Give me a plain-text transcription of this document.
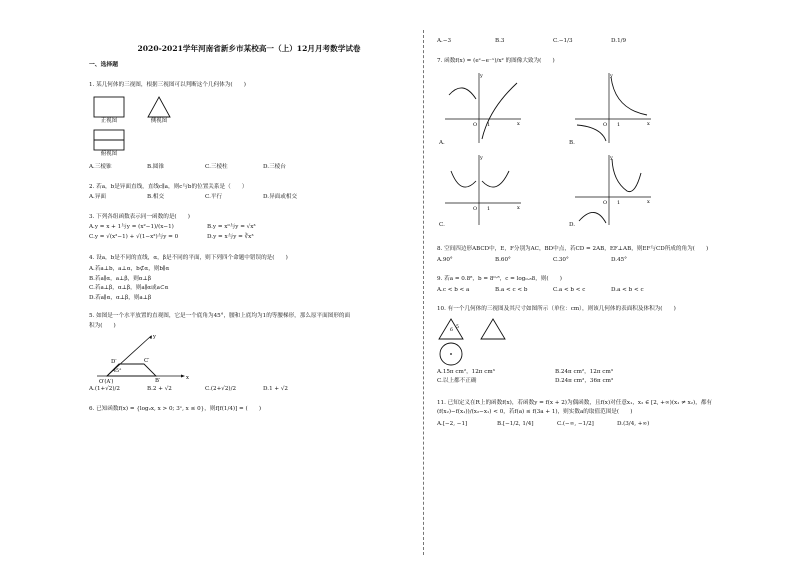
2020-2021学年河南省新乡市某校高一（上）12月月考数学试卷
一、选择题
1. 某几何体的三视图，根据三视图可以判断这个几何体为(　　)
正视图	侧视图
俯视图
A.三棱锥	B.圆锥	C.三棱柱	D.三棱台
2. 若a，b是异面直线，直线c∥a，则c与b的位置关系是（　　）
A.异面	B.相交	C.平行	D.异面或相交
3. 下列各组函数表示同一函数的是(　　)
A.y = x + 1与y = (x²−1)/(x−1)	B.y = x⁰与y = √x³
C.y = √(x²−1) + √(1−x²)与y = 0	D.y = x与y = ∛x³
4. 设a，b是不同的直线，α，β是不同的平面，则下列四个命题中错误的是(　　)
A.若a⊥b，a⊥α，b⊄α，则b∥α
B.若a∥α，a⊥β，则α⊥β
C.若a⊥β，α⊥β，则a∥α或a⊂α
D.若a∥α，α⊥β，则a⊥β
5. 如图是一个水平放置的直观图，它是一个底角为45°，腰和上底均为1的等腰梯形，那么原平面图形的面
积为(　　)
D′	C′
O′(A′)	B′
45°
x
y
A.(1+√2)/2	B.2 + √2	C.(2+√2)/2	D.1 + √2
6. 已知函数f(x) = {log₂x, x > 0; 3ˣ, x ≤ 0}，则f[f(1/4)] = (　　)
A.−3	B.3	C.−1/3	D.1/9
7. 函数f(x) = (eˣ−e⁻ˣ)/x² 的图像大致为(　　)
y
x
O 1
A.
y
x
O 1
B.
y
x
O 1
C.
y
x
O 1
D.
8. 空间四边形ABCD中，E，F分别为AC，BD中点，若CD = 2AB，EF⊥AB，则EF与CD所成的角为(　　)
A.90°	B.60°	C.30°	D.45°
9. 若a = 0.8⁸，b = 8⁰·⁸，c = log₀.₈8，则(　　)
A.c < b < a	B.a < c < b	C.a < b < c	D.a < b < c
10. 有一个几何体的三视图及其尺寸如图所示（单位：cm），则该几何体的表面积及体积为(　　)
6
5
A.15π cm²，12π cm³	B.24π cm²，12π cm³
C.以上都不正确	D.24π cm²，36π cm³
11. 已知定义在R上的函数f(x)，若函数y = f(x + 2)为偶函数，且f(x)对任意x₁，x₂ ∈ [2, +∞)(x₁ ≠ x₂)，都有
(f(x₂)−f(x₁))/(x₂−x₁) < 0，若f(a) ≤ f(3a + 1)，则实数a的取值范围是(　　)
A.[−2, −1]	B.[−1/2, 1/4]	C.(−∞, −1/2]	D.(3/4, +∞)
